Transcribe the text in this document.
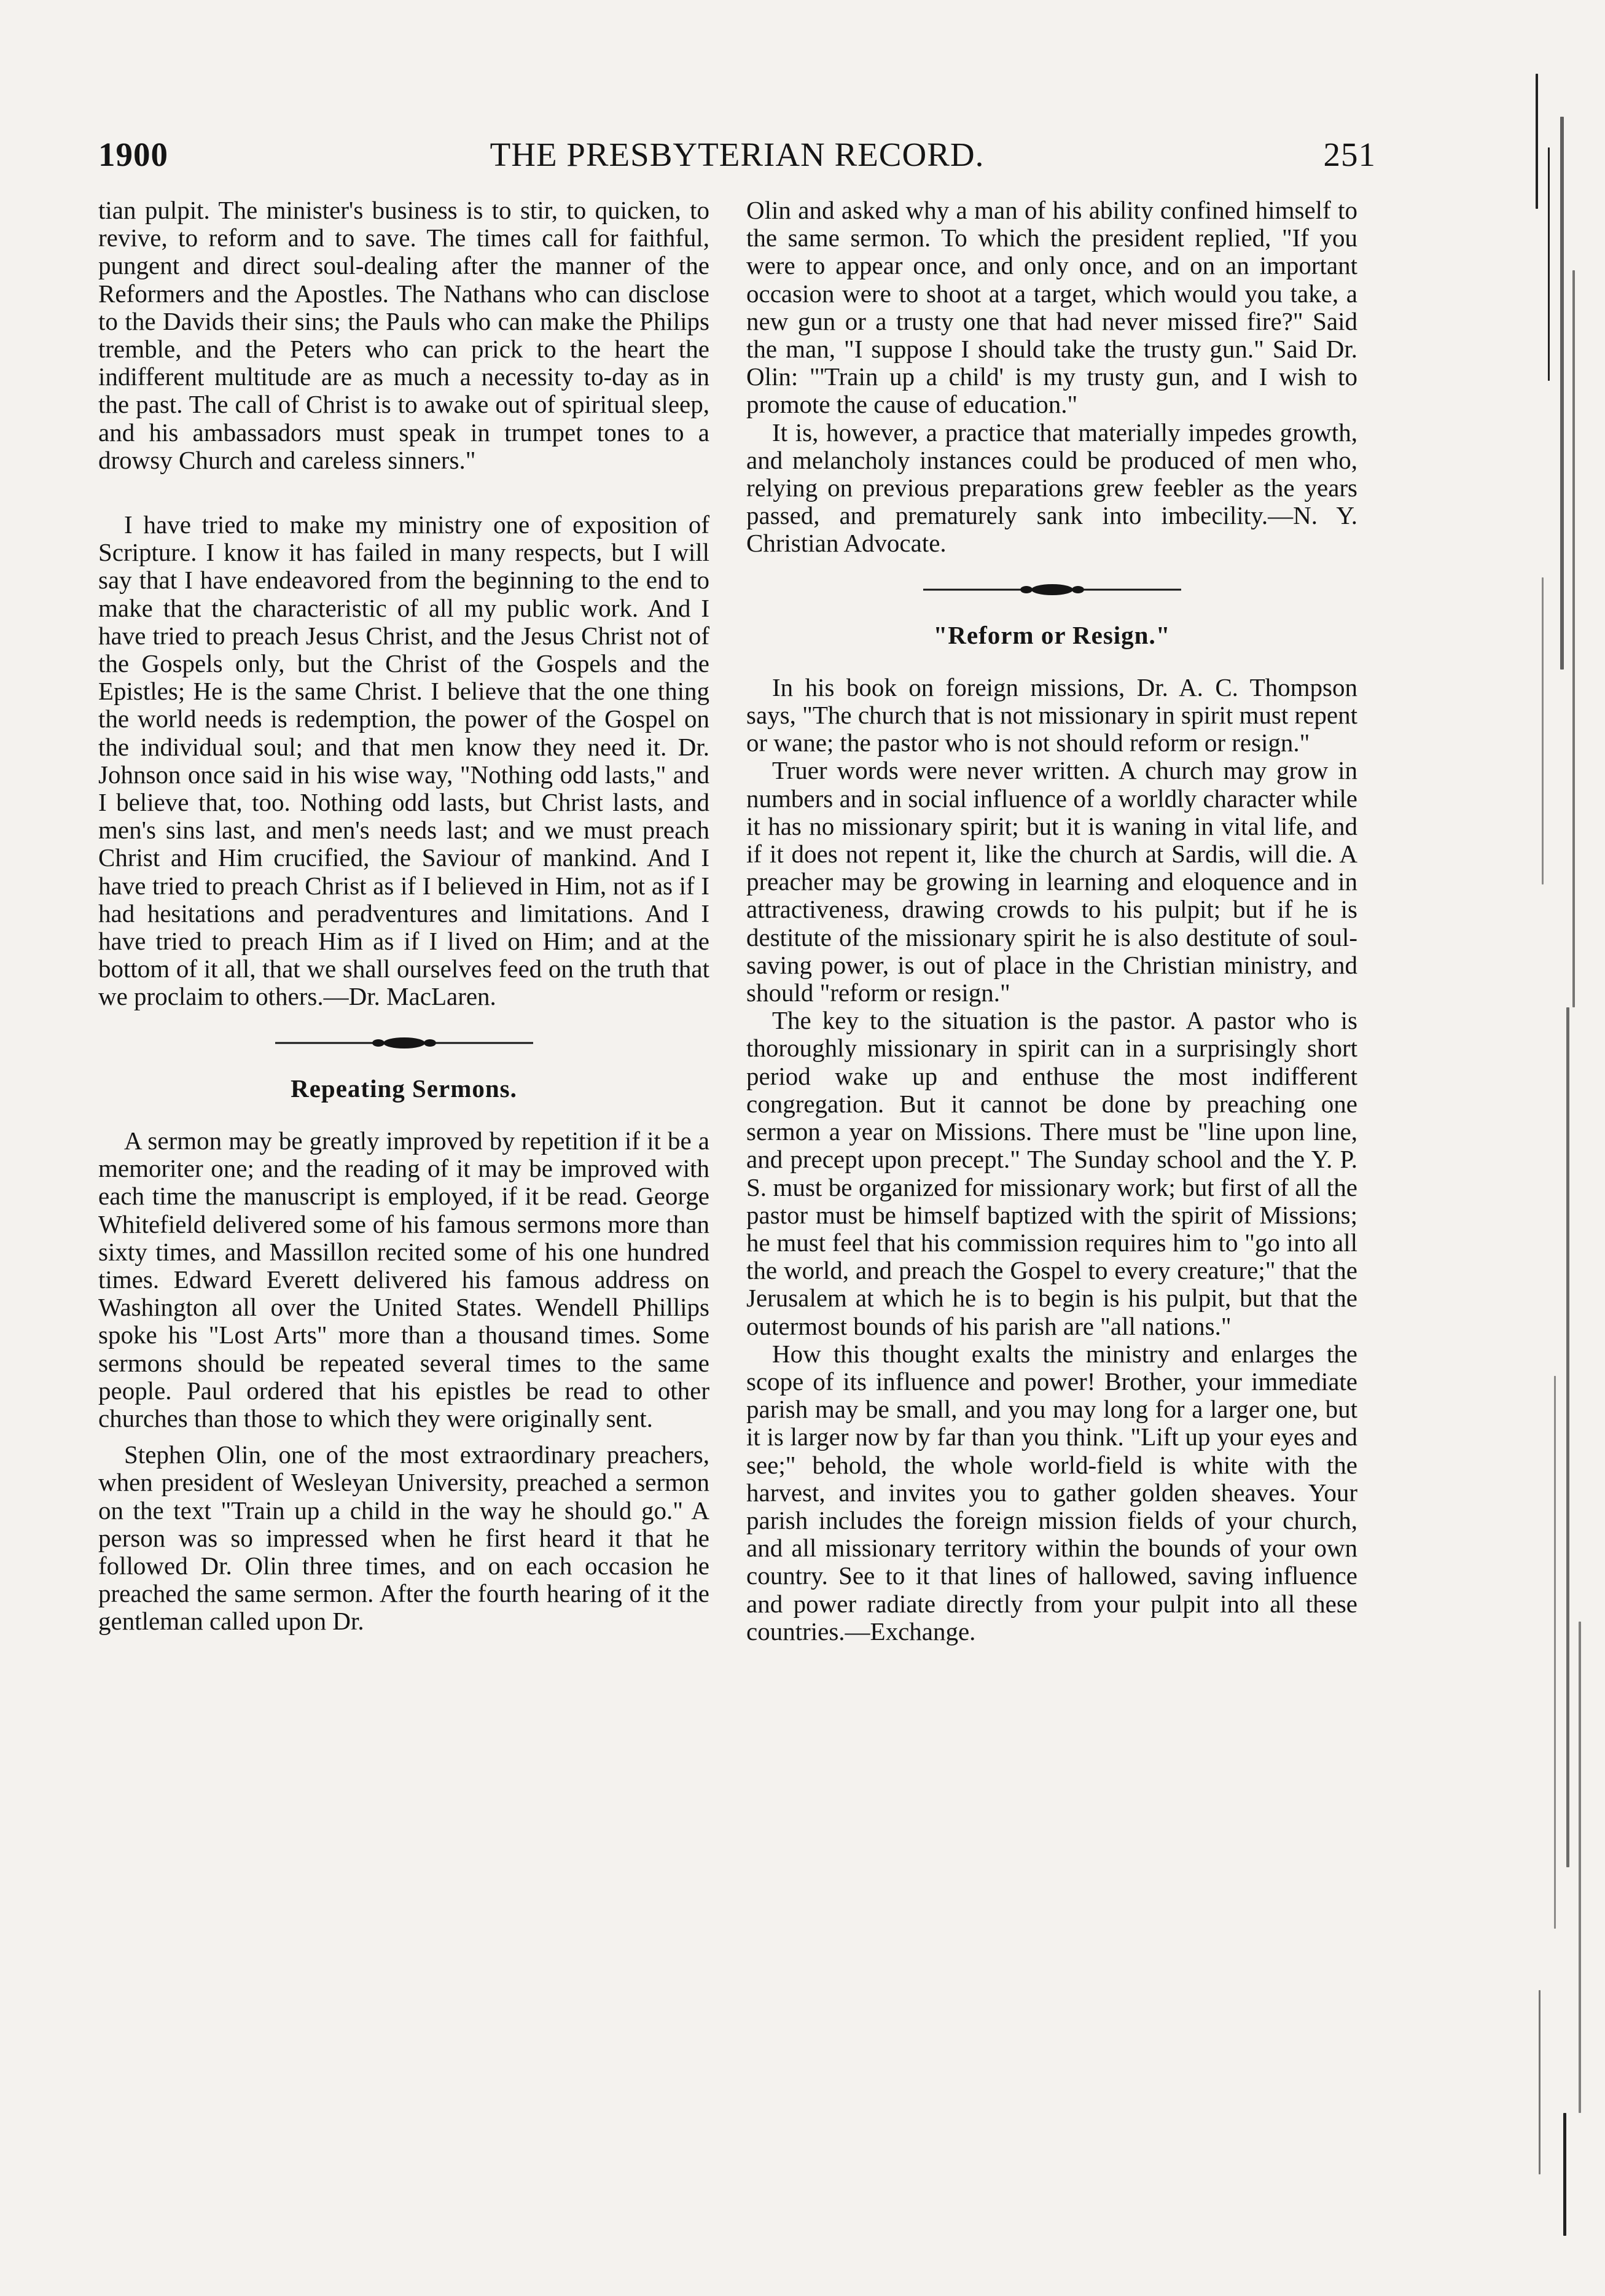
1900	THE PRESBYTERIAN RECORD.	251

tian pulpit. The minister's business is to stir, to quicken, to revive, to reform and to save. The times call for faithful, pungent and direct soul-dealing after the manner of the Reformers and the Apostles. The Nathans who can disclose to the Davids their sins; the Pauls who can make the Philips tremble, and the Peters who can prick to the heart the indifferent multitude are as much a necessity to-day as in the past. The call of Christ is to awake out of spiritual sleep, and his ambassadors must speak in trumpet tones to a drowsy Church and careless sinners."

I have tried to make my ministry one of exposition of Scripture. I know it has failed in many respects, but I will say that I have endeavored from the beginning to the end to make that the characteristic of all my public work. And I have tried to preach Jesus Christ, and the Jesus Christ not of the Gospels only, but the Christ of the Gospels and the Epistles; He is the same Christ. I believe that the one thing the world needs is redemption, the power of the Gospel on the individual soul; and that men know they need it. Dr. Johnson once said in his wise way, "Nothing odd lasts," and I believe that, too. Nothing odd lasts, but Christ lasts, and men's sins last, and men's needs last; and we must preach Christ and Him crucified, the Saviour of mankind. And I have tried to preach Christ as if I believed in Him, not as if I had hesitations and peradventures and limitations. And I have tried to preach Him as if I lived on Him; and at the bottom of it all, that we shall ourselves feed on the truth that we proclaim to others.—Dr. MacLaren.

Repeating Sermons.

A sermon may be greatly improved by repetition if it be a memoriter one; and the reading of it may be improved with each time the manuscript is employed, if it be read. George Whitefield delivered some of his famous sermons more than sixty times, and Massillon recited some of his one hundred times. Edward Everett delivered his famous address on Washington all over the United States. Wendell Phillips spoke his "Lost Arts" more than a thousand times. Some sermons should be repeated several times to the same people. Paul ordered that his epistles be read to other churches than those to which they were originally sent.

Stephen Olin, one of the most extraordinary preachers, when president of Wesleyan University, preached a sermon on the text "Train up a child in the way he should go." A person was so impressed when he first heard it that he followed Dr. Olin three times, and on each occasion he preached the same sermon. After the fourth hearing of it the gentleman called upon Dr.

Olin and asked why a man of his ability confined himself to the same sermon. To which the president replied, "If you were to appear once, and only once, and on an important occasion were to shoot at a target, which would you take, a new gun or a trusty one that had never missed fire?" Said the man, "I suppose I should take the trusty gun." Said Dr. Olin: "'Train up a child' is my trusty gun, and I wish to promote the cause of education."

It is, however, a practice that materially impedes growth, and melancholy instances could be produced of men who, relying on previous preparations grew feebler as the years passed, and prematurely sank into imbecility.—N. Y. Christian Advocate.

"Reform or Resign."

In his book on foreign missions, Dr. A. C. Thompson says, "The church that is not missionary in spirit must repent or wane; the pastor who is not should reform or resign."

Truer words were never written. A church may grow in numbers and in social influence of a worldly character while it has no missionary spirit; but it is waning in vital life, and if it does not repent it, like the church at Sardis, will die. A preacher may be growing in learning and eloquence and in attractiveness, drawing crowds to his pulpit; but if he is destitute of the missionary spirit he is also destitute of soul-saving power, is out of place in the Christian ministry, and should "reform or resign."

The key to the situation is the pastor. A pastor who is thoroughly missionary in spirit can in a surprisingly short period wake up and enthuse the most indifferent congregation. But it cannot be done by preaching one sermon a year on Missions. There must be "line upon line, and precept upon precept." The Sunday school and the Y. P. S. must be organized for missionary work; but first of all the pastor must be himself baptized with the spirit of Missions; he must feel that his commission requires him to "go into all the world, and preach the Gospel to every creature;" that the Jerusalem at which he is to begin is his pulpit, but that the outermost bounds of his parish are "all nations."

How this thought exalts the ministry and enlarges the scope of its influence and power! Brother, your immediate parish may be small, and you may long for a larger one, but it is larger now by far than you think. "Lift up your eyes and see;" behold, the whole world-field is white with the harvest, and invites you to gather golden sheaves. Your parish includes the foreign mission fields of your church, and all missionary territory within the bounds of your own country. See to it that lines of hallowed, saving influence and power radiate directly from your pulpit into all these countries.—Exchange.
